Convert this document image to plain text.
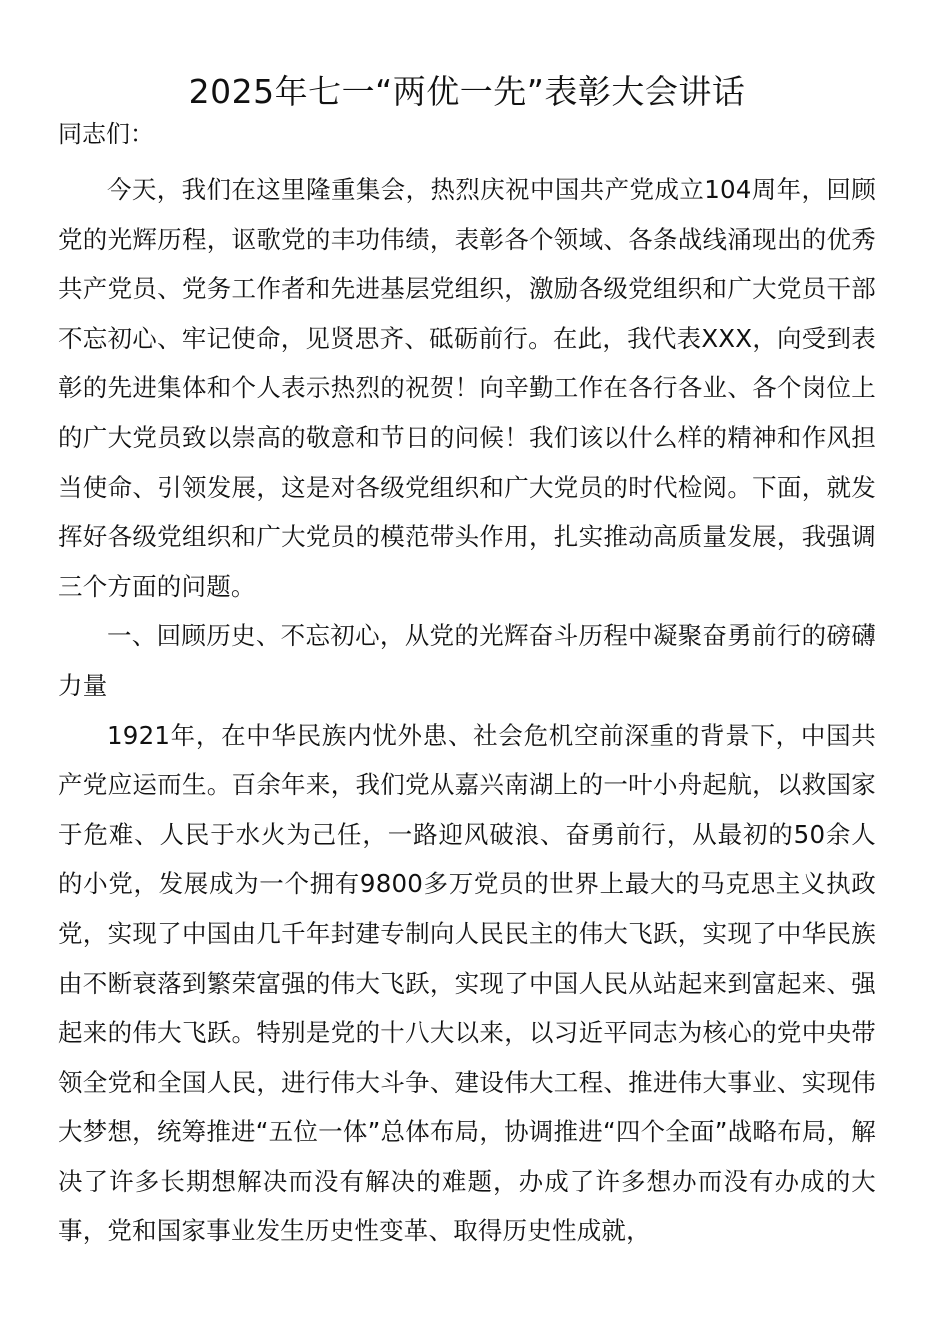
2025年七一“两优一先”表彰大会讲话

同志们：

今天，我们在这里隆重集会，热烈庆祝中国共产党成立104周年，回顾党的光辉历程，讴歌党的丰功伟绩，表彰各个领域、各条战线涌现出的优秀共产党员、党务工作者和先进基层党组织，激励各级党组织和广大党员干部不忘初心、牢记使命，见贤思齐、砥砺前行。在此，我代表XXX，向受到表彰的先进集体和个人表示热烈的祝贺！向辛勤工作在各行各业、各个岗位上的广大党员致以崇高的敬意和节日的问候！我们该以什么样的精神和作风担当使命、引领发展，这是对各级党组织和广大党员的时代检阅。下面，就发挥好各级党组织和广大党员的模范带头作用，扎实推动高质量发展，我强调三个方面的问题。

一、回顾历史、不忘初心，从党的光辉奋斗历程中凝聚奋勇前行的磅礴力量

1921年，在中华民族内忧外患、社会危机空前深重的背景下，中国共产党应运而生。百余年来，我们党从嘉兴南湖上的一叶小舟起航，以救国家于危难、人民于水火为己任，一路迎风破浪、奋勇前行，从最初的50余人的小党，发展成为一个拥有9800多万党员的世界上最大的马克思主义执政党，实现了中国由几千年封建专制向人民民主的伟大飞跃，实现了中华民族由不断衰落到繁荣富强的伟大飞跃，实现了中国人民从站起来到富起来、强起来的伟大飞跃。特别是党的十八大以来，以习近平同志为核心的党中央带领全党和全国人民，进行伟大斗争、建设伟大工程、推进伟大事业、实现伟大梦想，统筹推进“五位一体”总体布局，协调推进“四个全面”战略布局，解决了许多长期想解决而没有解决的难题，办成了许多想办而没有办成的大事，党和国家事业发生历史性变革、取得历史性成就，
